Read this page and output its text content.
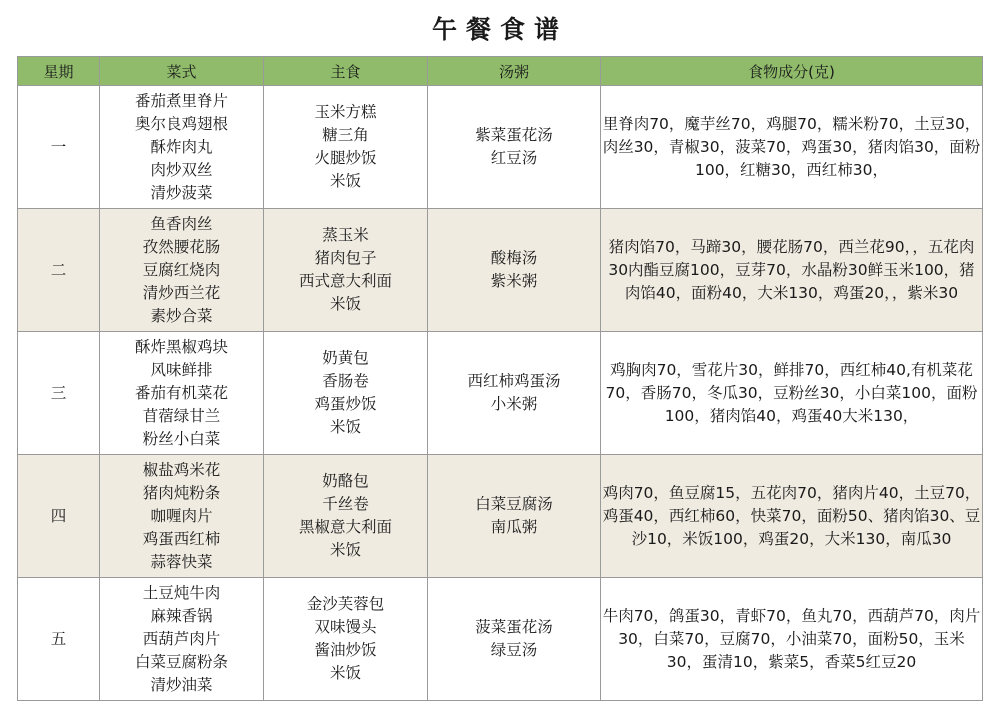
午餐食谱
星期	菜式	主食	汤粥	食物成分(克)
一	番茄煮里脊片
奥尔良鸡翅根
酥炸肉丸
肉炒双丝
清炒菠菜	玉米方糕
糖三角
火腿炒饭
米饭	紫菜蛋花汤
红豆汤	里脊肉70，魔芋丝70，鸡腿70，糯米粉70，土豆30，肉丝30，青椒30，菠菜70，鸡蛋30，猪肉馅30，面粉100，红糖30，西红柿30，
二	鱼香肉丝
孜然腰花肠
豆腐红烧肉
清炒西兰花
素炒合菜	蒸玉米
猪肉包子
西式意大利面
米饭	酸梅汤
紫米粥	猪肉馅70，马蹄30，腰花肠70，西兰花90，，五花肉30内酯豆腐100，豆芽70，水晶粉30鲜玉米100，猪肉馅40，面粉40，大米130，鸡蛋20，，紫米30
三	酥炸黑椒鸡块
风味鲜排
番茄有机菜花
苜蓿绿甘兰
粉丝小白菜	奶黄包
香肠卷
鸡蛋炒饭
米饭	西红柿鸡蛋汤
小米粥	鸡胸肉70，雪花片30，鲜排70，西红柿40,有机菜花70，香肠70，冬瓜30，豆粉丝30，小白菜100，面粉100，猪肉馅40，鸡蛋40大米130，
四	椒盐鸡米花
猪肉炖粉条
咖喱肉片
鸡蛋西红柿
蒜蓉快菜	奶酪包
千丝卷
黑椒意大利面
米饭	白菜豆腐汤
南瓜粥	鸡肉70，鱼豆腐15，五花肉70，猪肉片40，土豆70，鸡蛋40，西红柿60，快菜70，面粉50、猪肉馅30、豆沙10，米饭100，鸡蛋20，大米130，南瓜30
五	土豆炖牛肉
麻辣香锅
西葫芦肉片
白菜豆腐粉条
清炒油菜	金沙芙蓉包
双味馒头
酱油炒饭
米饭	菠菜蛋花汤
绿豆汤	牛肉70，鸽蛋30，青虾70，鱼丸70，西葫芦70，肉片30，白菜70，豆腐70，小油菜70，面粉50，玉米30，蛋清10，紫菜5，香菜5红豆20
